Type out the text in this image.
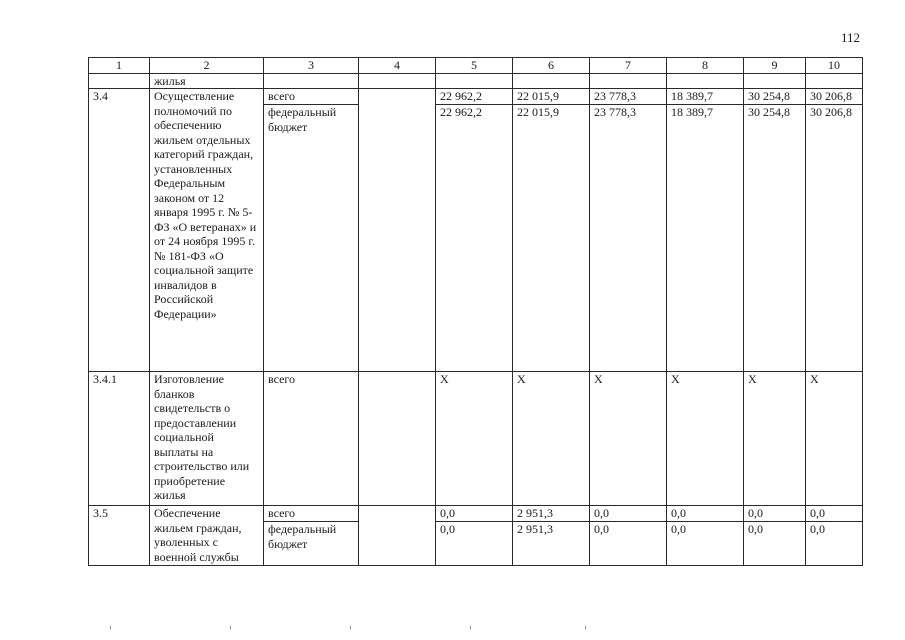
112
1	2	3	4	5	6	7	8	9	10
	жилья								
3.4	Осуществление полномочий по обеспечению жильем отдельных категорий граждан, установленных Федеральным законом от 12 января 1995 г. № 5-ФЗ «О ветеранах» и от 24 ноября 1995 г. № 181-ФЗ «О социальной защите инвалидов в Российской Федерации»	всего		22 962,2	22 015,9	23 778,3	18 389,7	30 254,8	30 206,8
		федеральный бюджет		22 962,2	22 015,9	23 778,3	18 389,7	30 254,8	30 206,8
3.4.1	Изготовление бланков свидетельств о предоставлении социальной выплаты на строительство или приобретение жилья	всего		X	X	X	X	X	X
3.5	Обеспечение жильем граждан, уволенных с военной службы	всего		0,0	2 951,3	0,0	0,0	0,0	0,0
		федеральный бюджет		0,0	2 951,3	0,0	0,0	0,0	0,0
